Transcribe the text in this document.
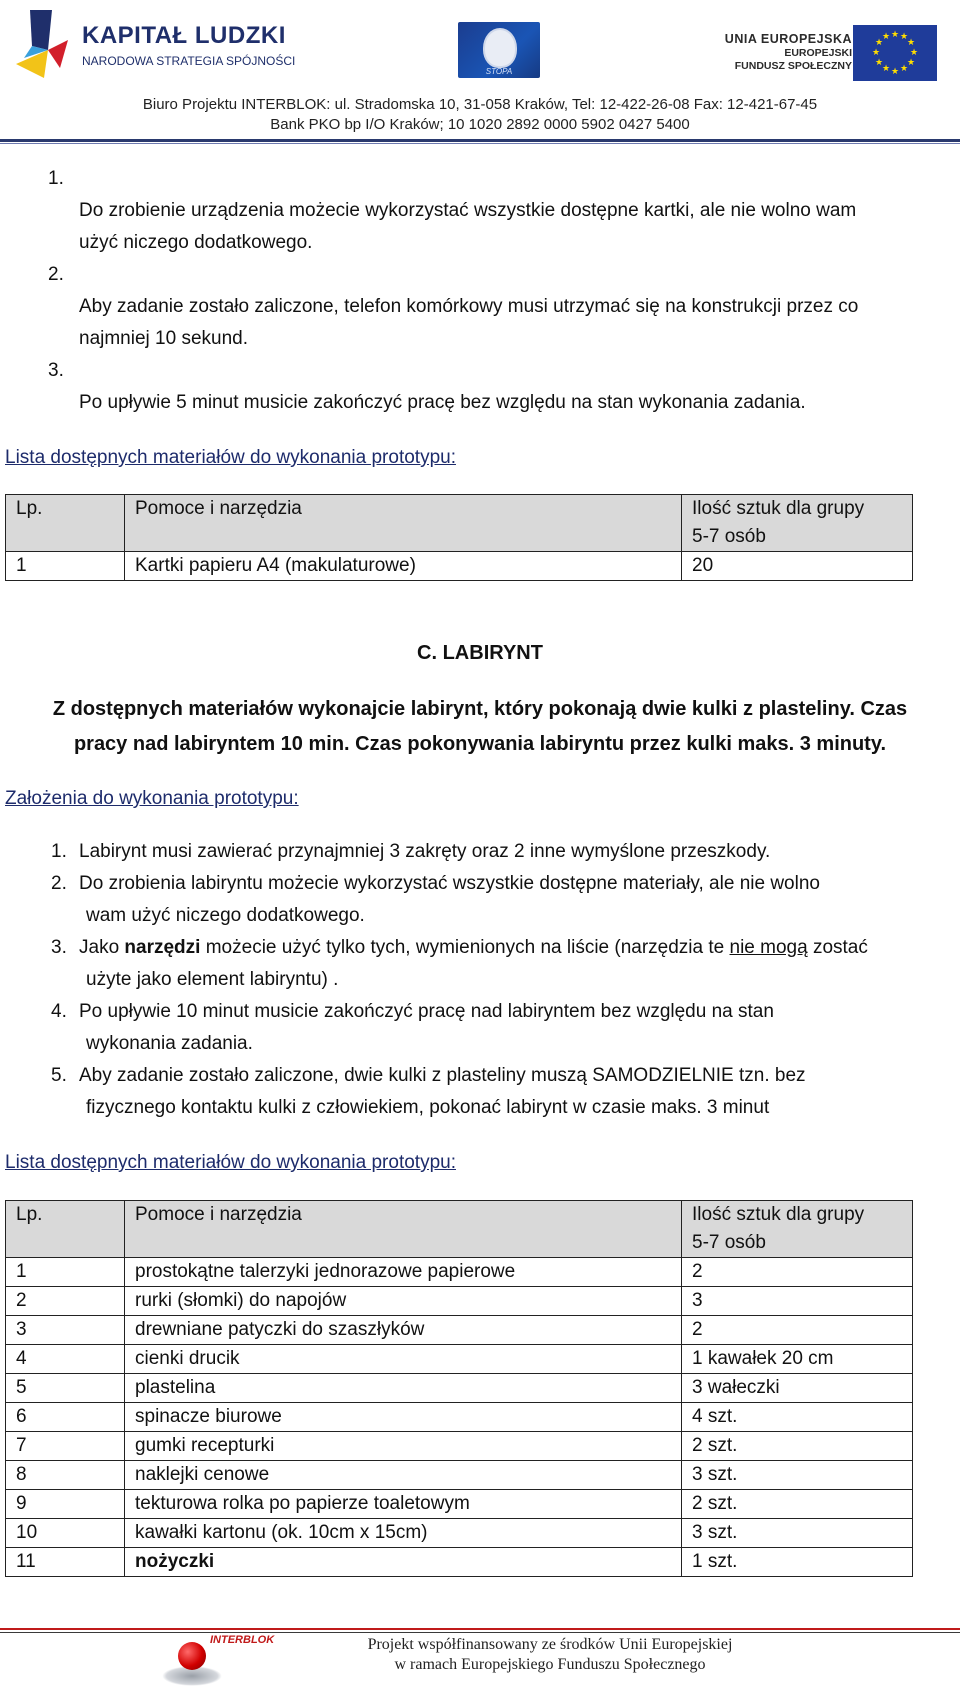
KAPITAŁ LUDZKI
NARODOWA STRATEGIA SPÓJNOŚCI
STOPA
UNIA EUROPEJSKA
EUROPEJSKI
FUNDUSZ SPOŁECZNY
★ ★
★
★
★
★
★
★
★
★
★
★
Biuro Projektu INTERBLOK: ul. Stradomska 10, 31-058 Kraków, Tel: 12-422-26-08 Fax: 12-421-67-45
Bank PKO bp I/O Kraków; 10 1020 2892 0000 5902 0427 5400
1.
Do zrobienie urządzenia możecie wykorzystać wszystkie dostępne kartki, ale nie wolno wam
użyć niczego dodatkowego.
2.
Aby zadanie zostało zaliczone, telefon komórkowy musi utrzymać się na konstrukcji przez co
najmniej 10 sekund.
3.
Po upływie 5 minut musicie zakończyć pracę bez względu na stan wykonania zadania.
Lista dostępnych materiałów do wykonania prototypu:
Lp.	Pomoce i narzędzia	Ilość sztuk dla grupy
5-7 osób

1	Kartki papieru A4 (makulaturowe)	20
C. LABIRYNT
Z dostępnych materiałów wykonajcie labirynt, który pokonają dwie kulki z plasteliny. Czas
pracy nad labiryntem 10 min. Czas pokonywania labiryntu przez kulki maks. 3 minuty.
Założenia do wykonania prototypu:
1. Labirynt musi zawierać przynajmniej 3 zakręty oraz 2 inne wymyślone przeszkody.
2. Do zrobienia labiryntu możecie wykorzystać wszystkie dostępne materiały, ale nie wolno
wam użyć niczego dodatkowego.
3. Jako narzędzi możecie użyć tylko tych, wymienionych na liście (narzędzia te nie mogą zostać
użyte jako element labiryntu) .
4. Po upływie 10 minut musicie zakończyć pracę nad labiryntem bez względu na stan
wykonania zadania.
5. Aby zadanie zostało zaliczone, dwie kulki z plasteliny muszą SAMODZIELNIE tzn. bez
fizycznego kontaktu kulki z człowiekiem, pokonać labirynt w czasie maks. 3 minut
Lista dostępnych materiałów do wykonania prototypu:
Lp.	Pomoce i narzędzia	Ilość sztuk dla grupy
5-7 osób

1	prostokątne talerzyki jednorazowe papierowe	2
2	rurki (słomki) do napojów	3
3	drewniane patyczki do szaszłyków	2
4	cienki drucik	1 kawałek 20 cm
5	plastelina	3 wałeczki
6	spinacze biurowe	4 szt.
7	gumki recepturki	2 szt.
8	naklejki cenowe	3 szt.
9	tekturowa rolka po papierze toaletowym	2 szt.
10	kawałki kartonu (ok. 10cm x 15cm)	3 szt.
11	nożyczki	1 szt.
INTERBLOK	Projekt współfinansowany ze środków Unii Europejskiej
w ramach Europejskiego Funduszu Społecznego
